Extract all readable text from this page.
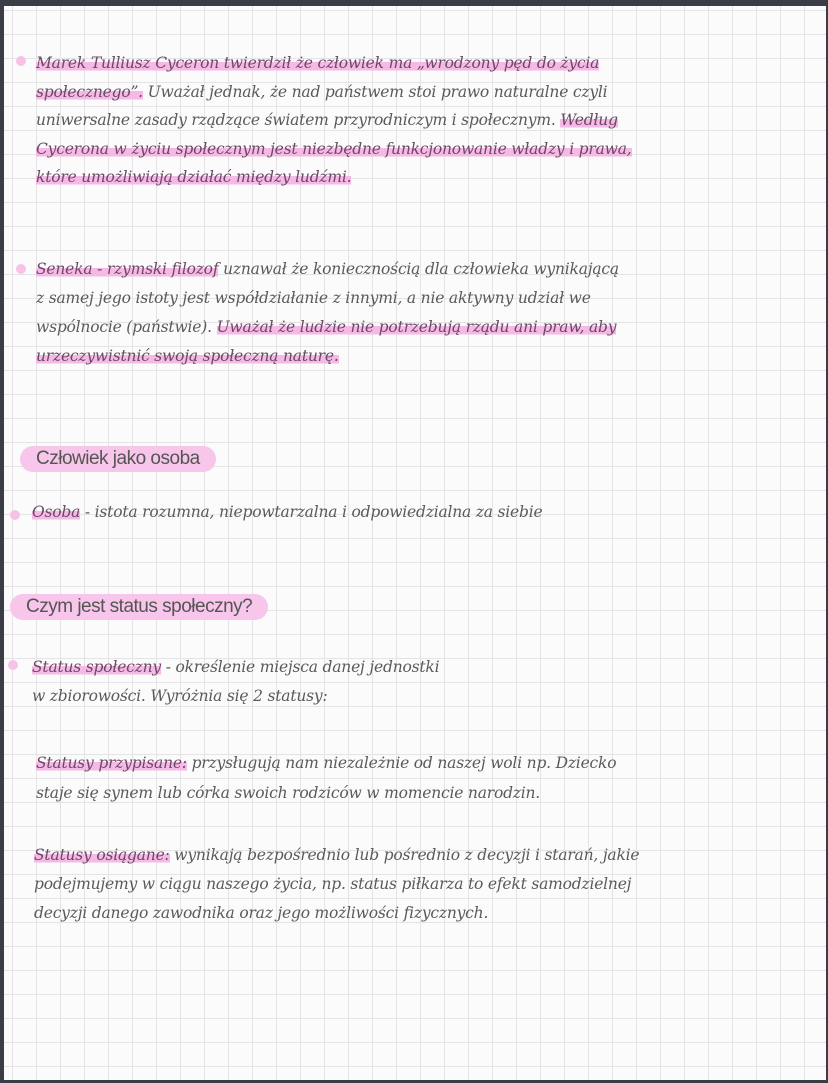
Marek Tulliusz Cyceron twierdził że człowiek ma „wrodzony pęd do życia
społecznego”. Uważał jednak, że nad państwem stoi prawo naturalne czyli
uniwersalne zasady rządzące światem przyrodniczym i społecznym. Według
Cycerona w życiu społecznym jest niezbędne funkcjonowanie władzy i prawa,
które umożliwiają działać między ludźmi.
Seneka - rzymski filozof uznawał że koniecznością dla człowieka wynikającą
z samej jego istoty jest współdziałanie z innymi, a nie aktywny udział we
wspólnocie (państwie). Uważał że ludzie nie potrzebują rządu ani praw, aby
urzeczywistnić swoją społeczną naturę.
Człowiek jako osoba
Osoba - istota rozumna, niepowtarzalna i odpowiedzialna za siebie
Czym jest status społeczny?
Status społeczny - określenie miejsca danej jednostki
w zbiorowości. Wyróżnia się 2 statusy:
Statusy przypisane: przysługują nam niezależnie od naszej woli np. Dziecko
staje się synem lub córka swoich rodziców w momencie narodzin.
Statusy osiągane: wynikają bezpośrednio lub pośrednio z decyzji i starań, jakie
podejmujemy w ciągu naszego życia, np. status piłkarza to efekt samodzielnej
decyzji danego zawodnika oraz jego możliwości fizycznych.
